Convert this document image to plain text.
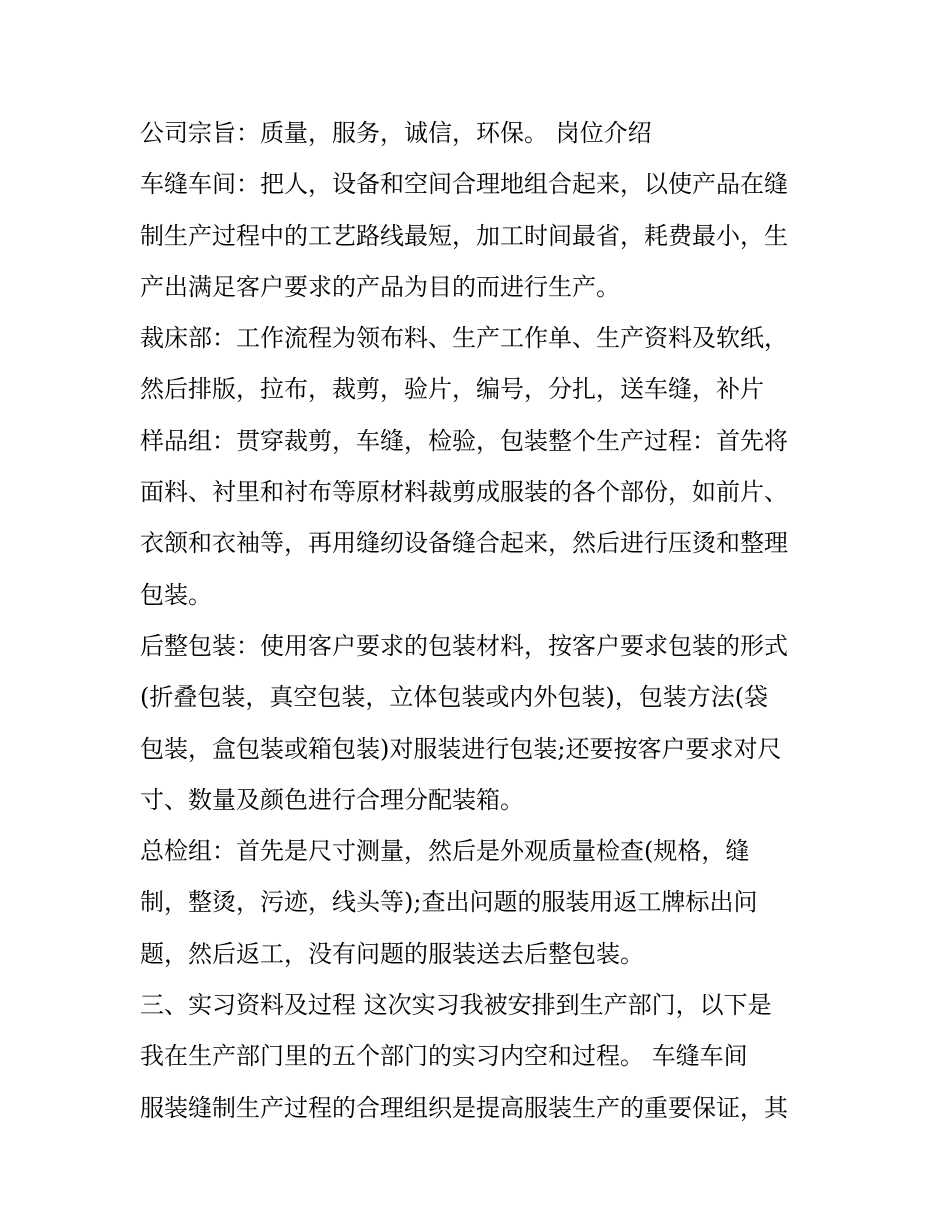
公司宗旨：质量，服务，诚信，环保。 岗位介绍
车缝车间：把人，设备和空间合理地组合起来，以使产品在缝
制生产过程中的工艺路线最短，加工时间最省，耗费最小，生
产出满足客户要求的产品为目的而进行生产。
裁床部：工作流程为领布料、生产工作单、生产资料及软纸，
然后排版，拉布，裁剪，验片，编号，分扎，送车缝，补片
样品组：贯穿裁剪，车缝，检验，包装整个生产过程：首先将
面料、衬里和衬布等原材料裁剪成服装的各个部份，如前片、
衣颔和衣袖等，再用缝纫设备缝合起来，然后进行压烫和整理
包装。
后整包装：使用客户要求的包装材料，按客户要求包装的形式
(折叠包装，真空包装，立体包装或内外包装)，包装方法(袋
包装，盒包装或箱包装)对服装进行包装;还要按客户要求对尺
寸、数量及颜色进行合理分配装箱。
总检组：首先是尺寸测量，然后是外观质量检查(规格，缝
制，整烫，污迹，线头等);查出问题的服装用返工牌标出问
题，然后返工，没有问题的服装送去后整包装。
三、实习资料及过程 这次实习我被安排到生产部门，以下是
我在生产部门里的五个部门的实习内空和过程。 车缝车间
服装缝制生产过程的合理组织是提高服装生产的重要保证，其
